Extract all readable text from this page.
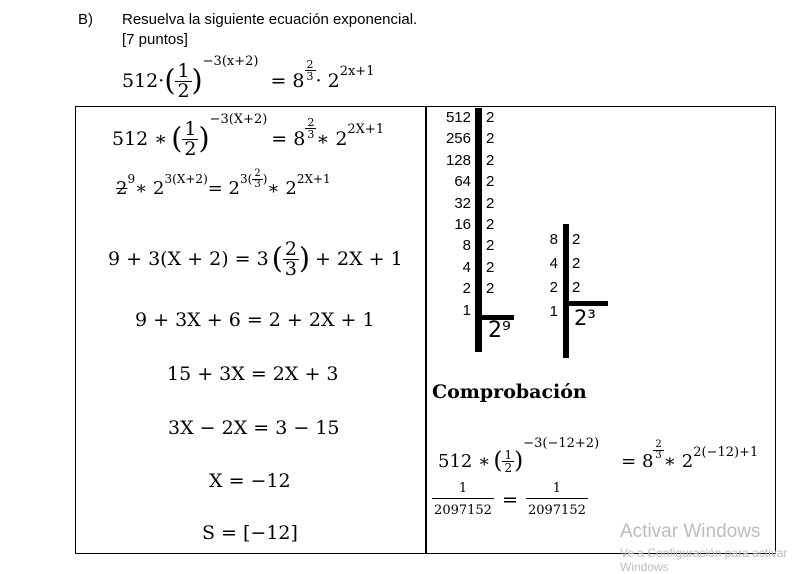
B) Resuelva la siguiente ecuación exponencial.
[7 puntos]
512· ( $\frac{1}{2}$ )
−3(x+2)
= $8 \frac{2}{3} \cdot 2$ 2x+1
512 ∗ ( $\frac{1}{2}$ )
−3(X+2)
= $8 \frac{2}{3}$ ∗ 2 2X+1
2 9 ∗ 2 3(X+2) = 2 3 ( $\frac{2}{3}$ ) ∗ 2 2X+1
9 + 3(X + 2) = 3 ( $\frac{2}{3}$ ) + 2X + 1
9 + 3X + 6 = 2 + 2X + 1
15 + 3X = 2X + 3
3X − 2X = 3 − 15
X = −12
S = [−12]
512
256
128
64
32
16
8
4
2
1
2
2
2
2
2
2
2
2
2
2⁹
8
4
2
1
2
2
2
2³
Comprobación
512 ∗ ( $\frac{1}{2}$ )
−3(−12+2)
= 8
$\frac{2}{3}$
∗ 2 2(−12)+1
$\frac{1}{2097152} = \frac{1}{2097152}$
Activar Windows
Ve a Configuración para activar Windows
